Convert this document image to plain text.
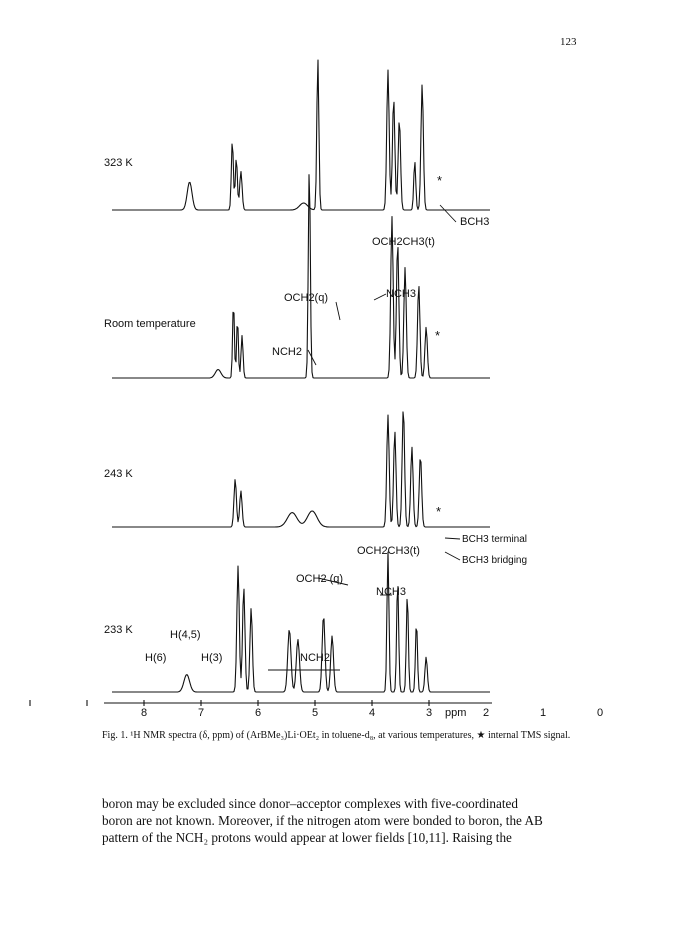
123
323 K
Room temperature
243 K
233 K
BCH3
OCH2CH3(t)
NCH3
OCH2(q)
NCH2
*
*
*
BCH3 terminal
BCH3 bridging
OCH2CH3(t)
OCH2 (q)
NCH3
H(4,5)
H(6)	H(3)	NCH2
8	7	6	5	4	3	2	1	0
ppm
Fig. 1. ¹H NMR spectra (δ, ppm) of (ArBMe₃)Li·OEt₂ in toluene-d₈, at various temperatures, ★ internal TMS signal.

boron may be excluded since donor–acceptor complexes with five-coordinated

boron are not known. Moreover, if the nitrogen atom were bonded to boron, the AB

pattern of the NCH₂ protons would appear at lower fields [10,11]. Raising the
